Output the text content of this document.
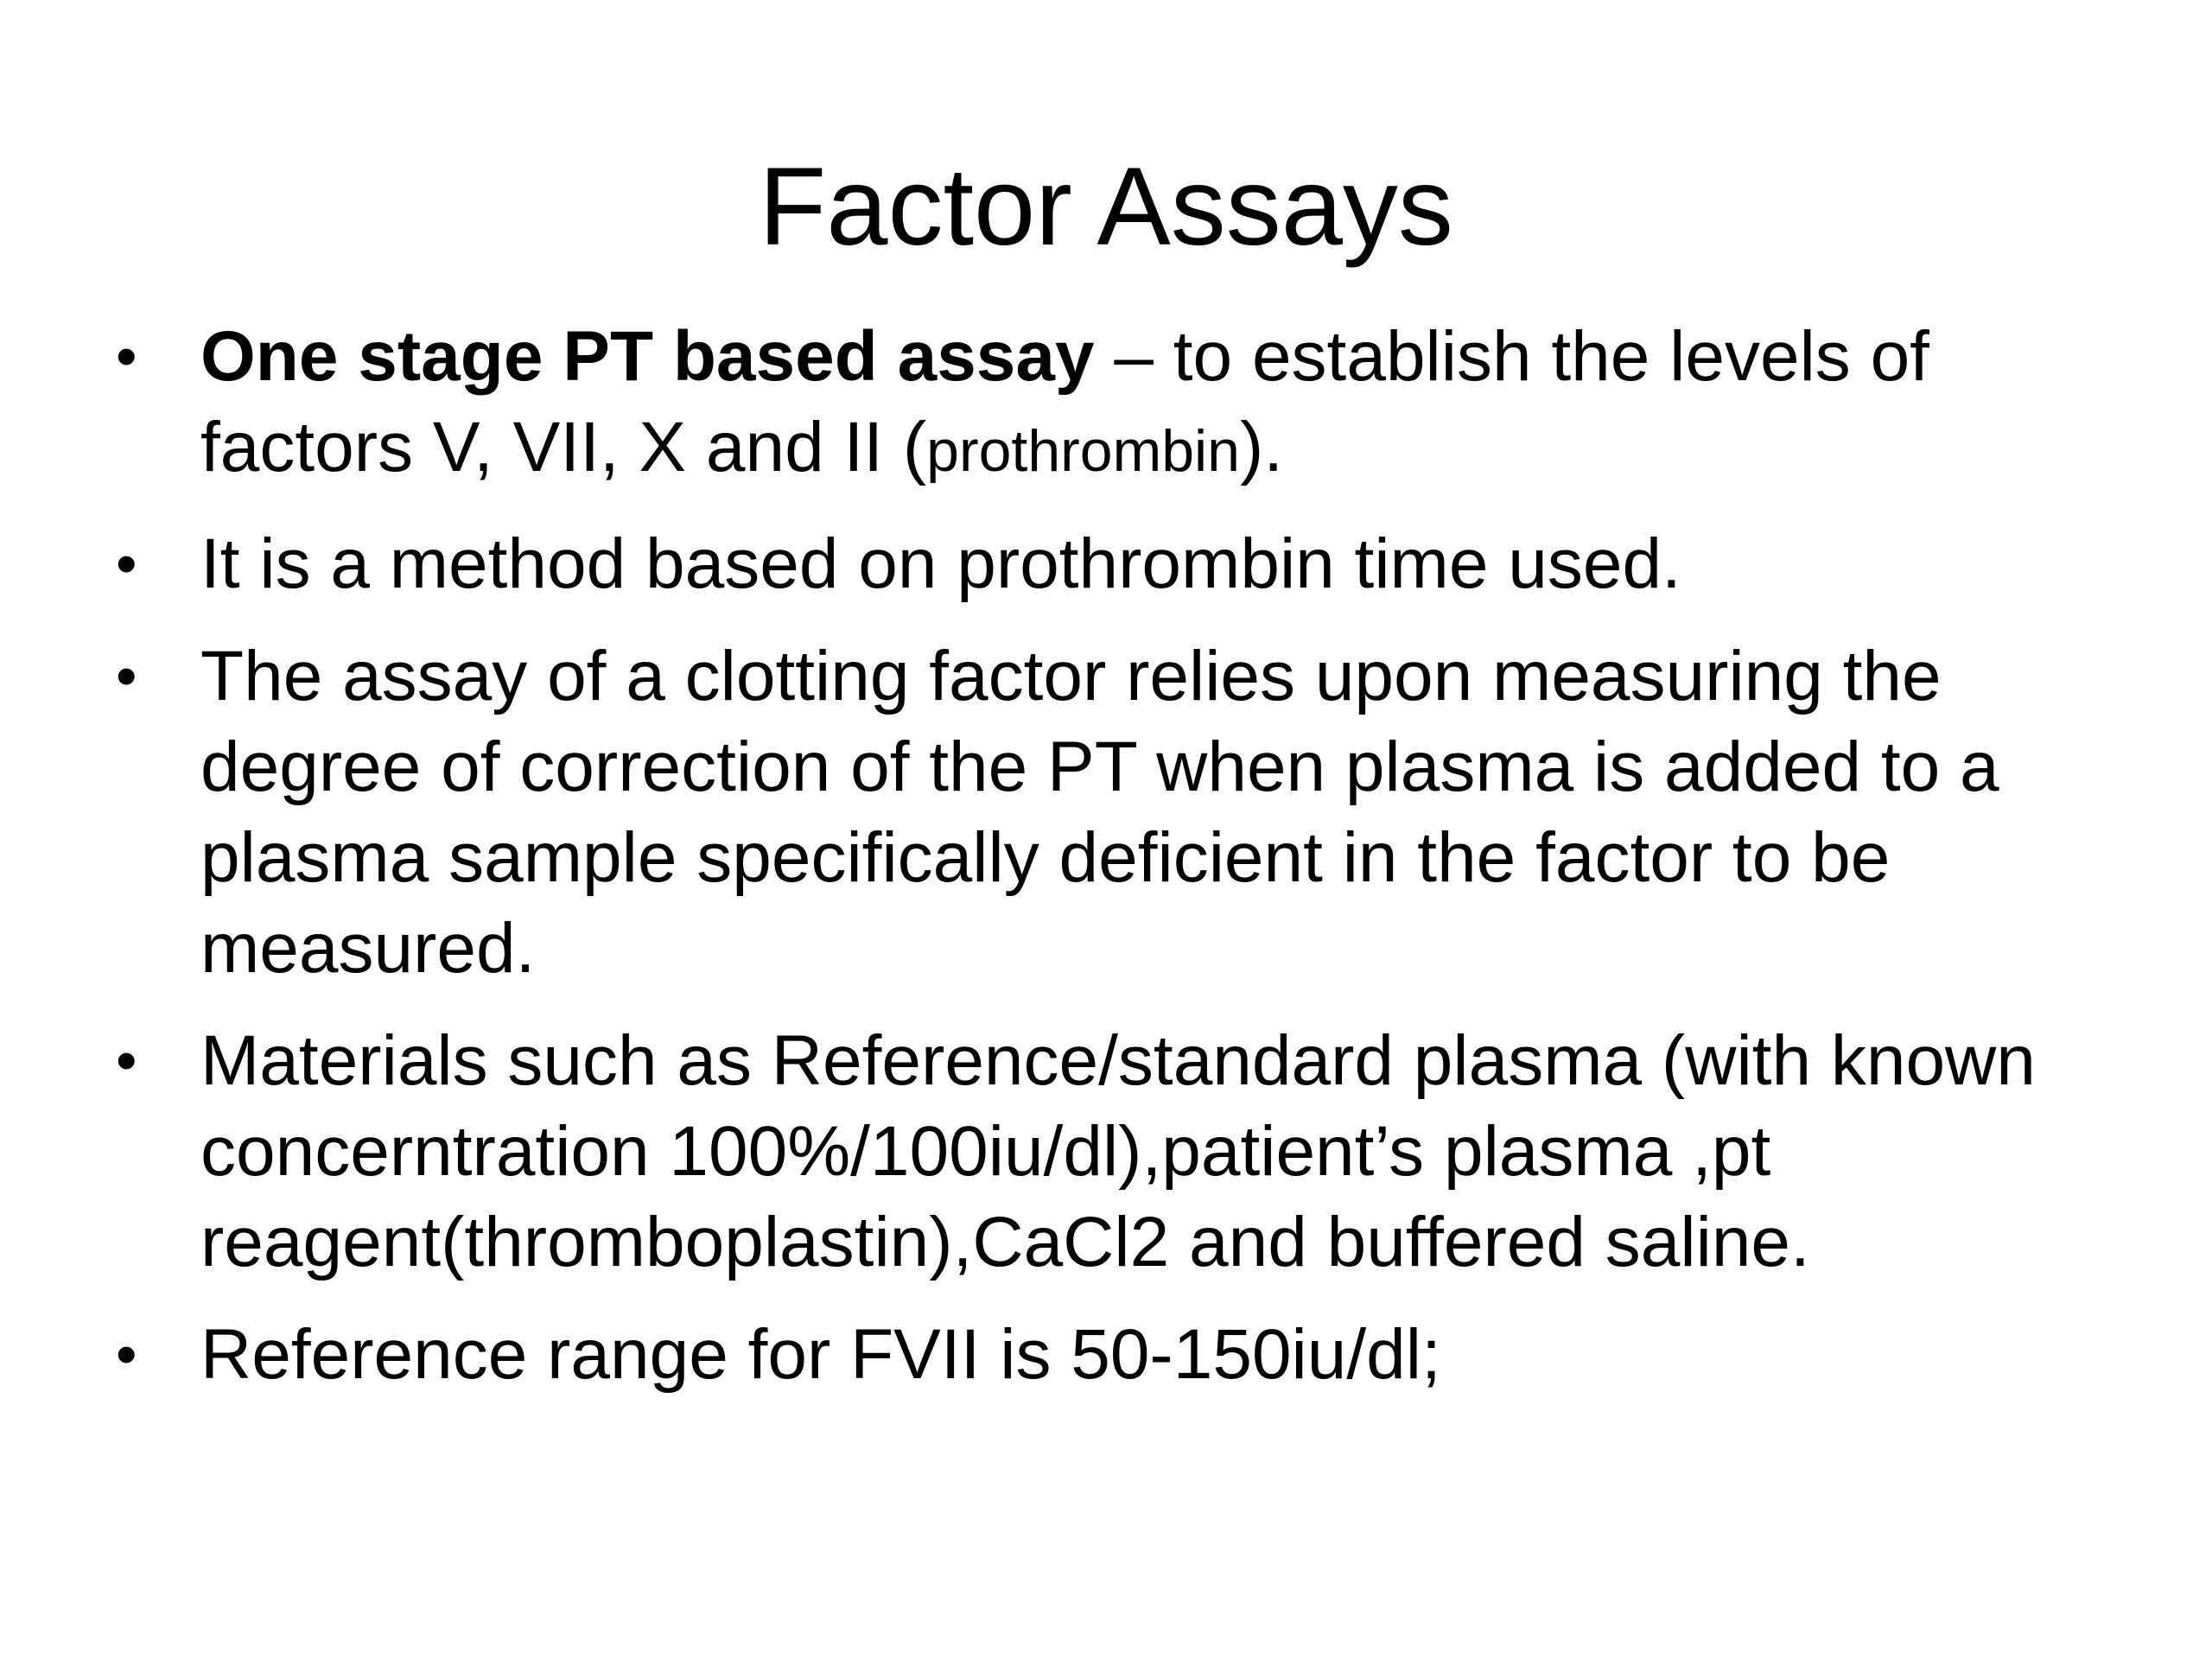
Factor Assays
• One stage PT based assay – to establish the levels of factors V, VII, X and II (prothrombin).
• It is a method based on prothrombin time used.
• The assay of a clotting factor relies upon measuring the degree of correction of the PT when plasma is added to a plasma sample specifically deficient in the factor to be measured.
• Materials such as Reference/standard plasma (with known concerntration 100%/100iu/dl),patient’s plasma ,pt reagent(thromboplastin),CaCl2 and buffered saline.
• Reference range for FVII is 50-150iu/dl;
